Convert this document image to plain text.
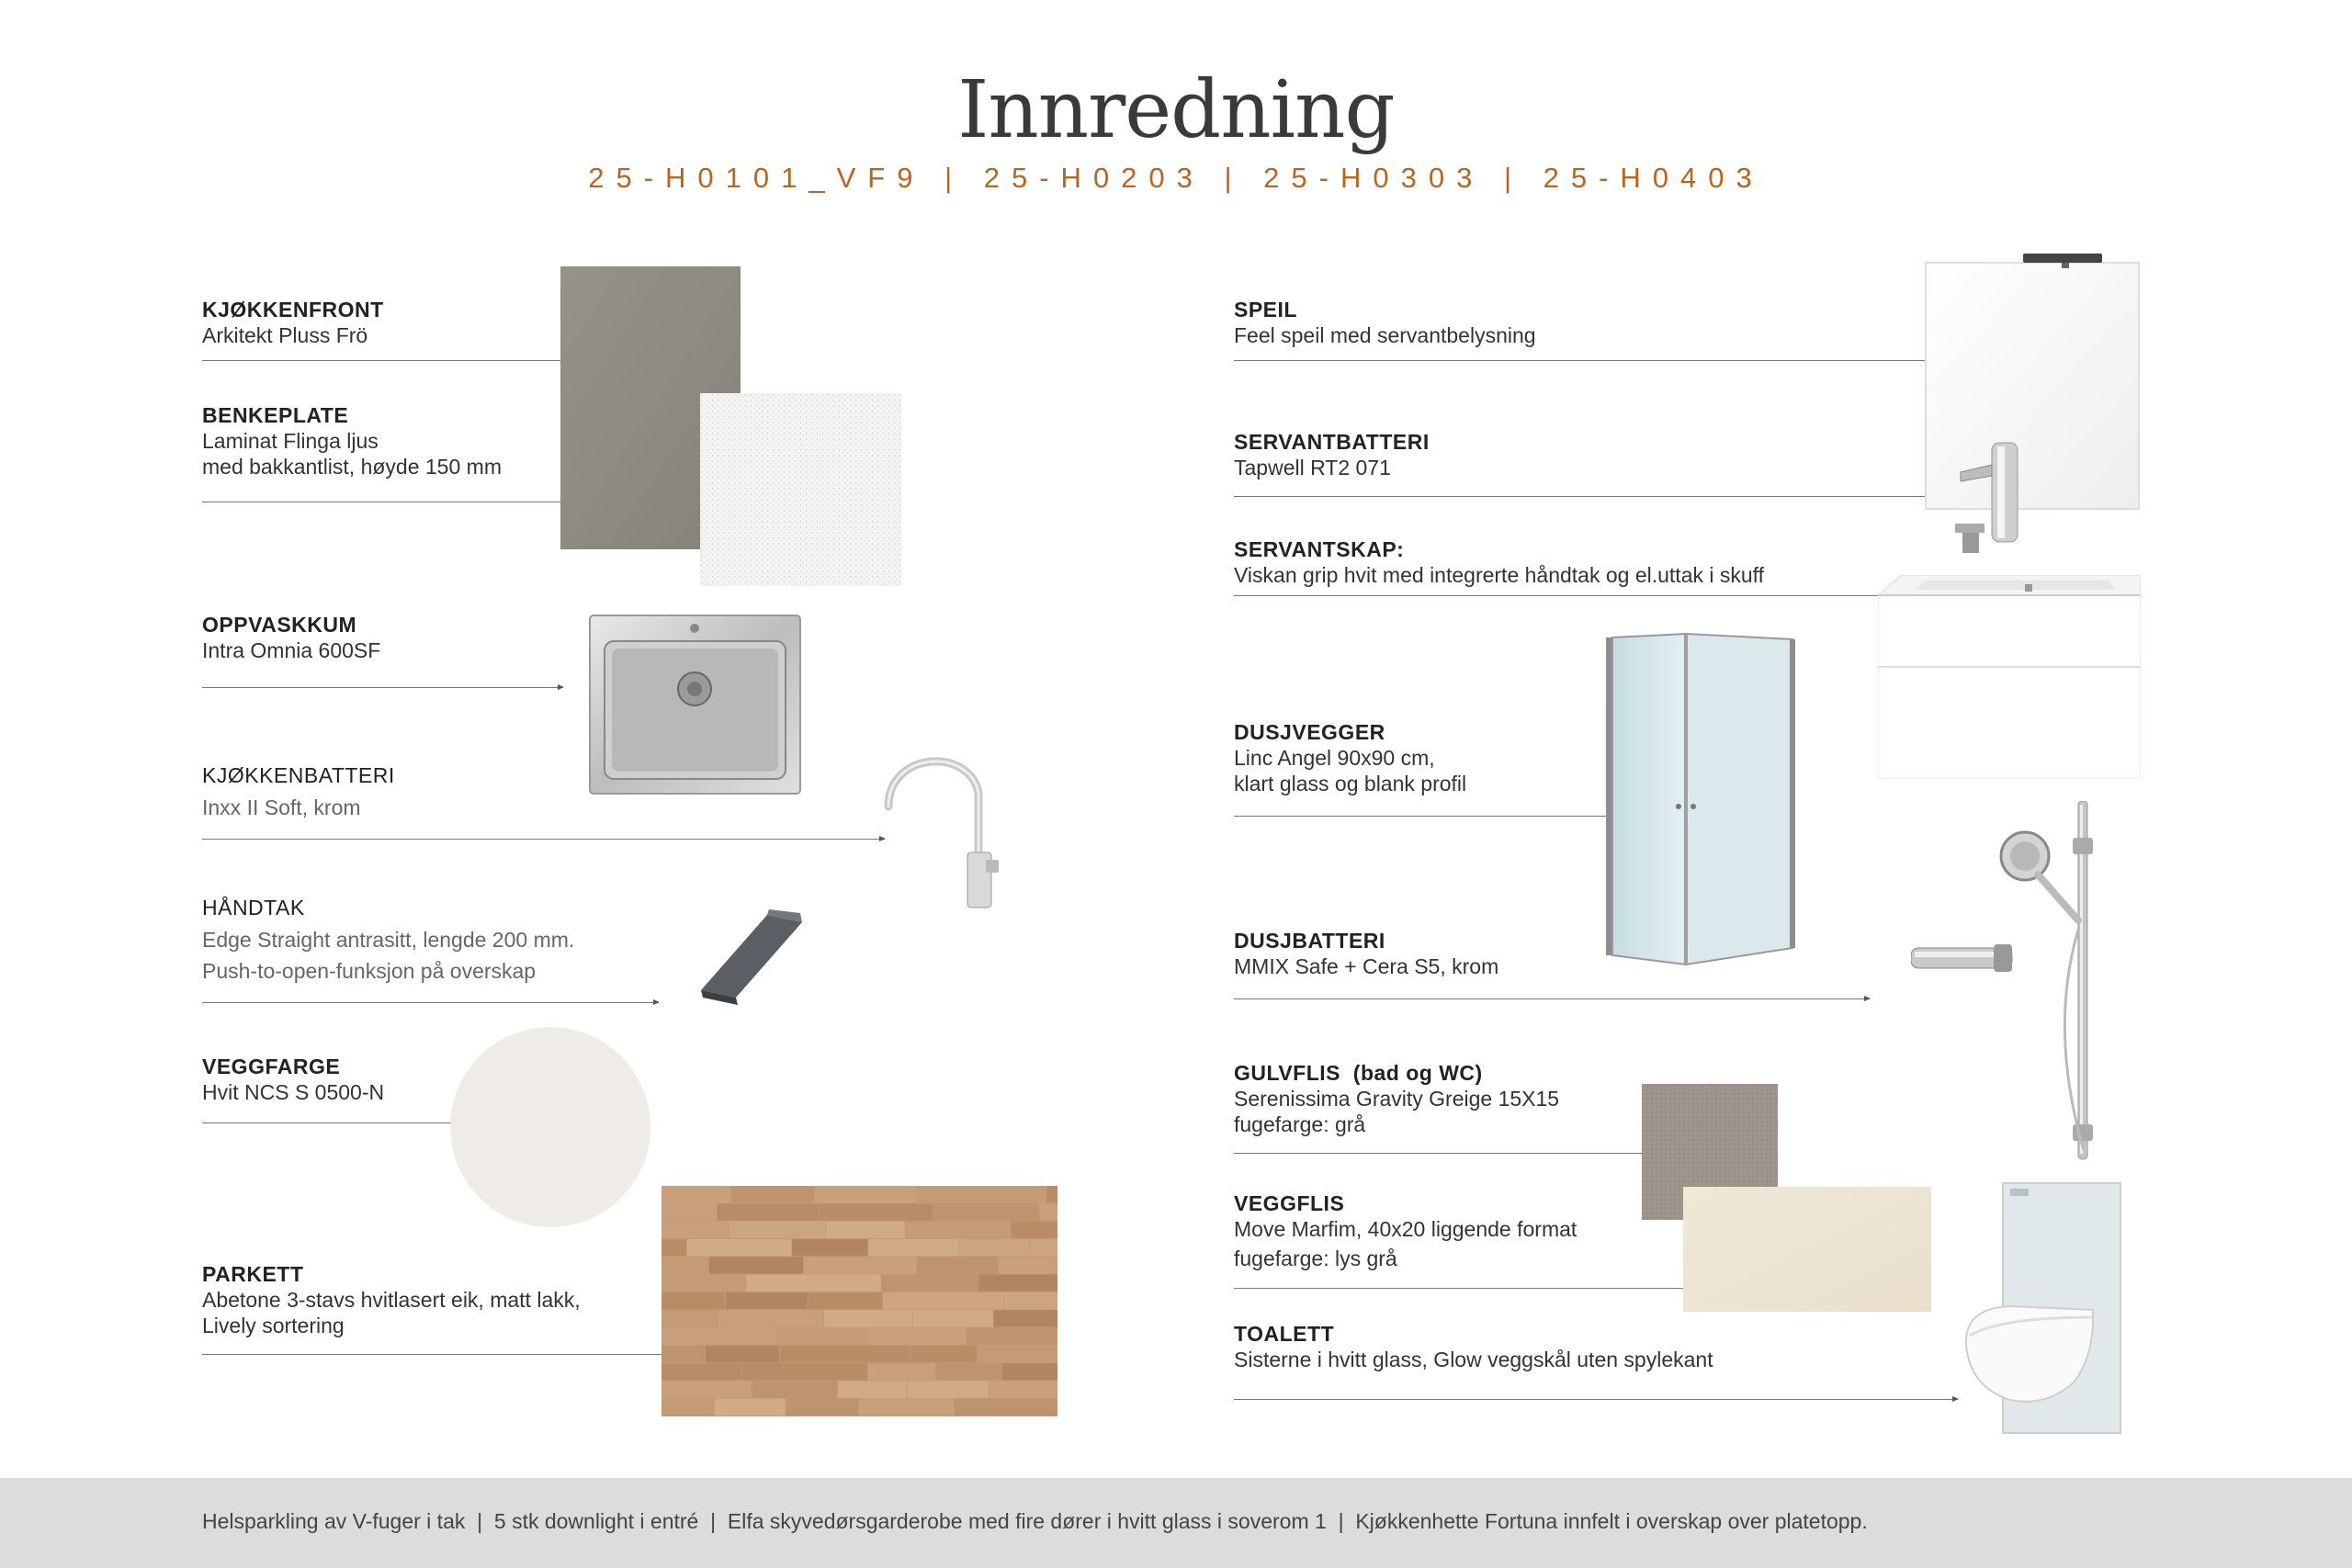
Innredning
25-H0101_VF9 | 25-H0203 | 25-H0303 | 25-H0403
KJØKKENFRONT
Arkitekt Pluss Frö
BENKEPLATE
Laminat Flinga ljus
med bakkantlist, høyde 150 mm
OPPVASKKUM
Intra Omnia 600SF
KJØKKENBATTERI
Inxx II Soft, krom
HÅNDTAK
Edge Straight antrasitt, lengde 200 mm.
Push-to-open-funksjon på overskap
VEGGFARGE
Hvit NCS S 0500-N
PARKETT
Abetone 3-stavs hvitlasert eik, matt lakk,
Lively sortering
SPEIL
Feel speil med servantbelysning
SERVANTBATTERI
Tapwell RT2 071
SERVANTSKAP:
Viskan grip hvit med integrerte håndtak og el.uttak i skuff
DUSJVEGGER
Linc Angel 90x90 cm,
klart glass og blank profil
DUSJBATTERI
MMIX Safe + Cera S5, krom
GULVFLIS  (bad og WC)
Serenissima Gravity Greige 15X15
fugefarge: grå
VEGGFLIS
Move Marfim, 40x20 liggende format
fugefarge: lys grå
TOALETT
Sisterne i hvitt glass, Glow veggskål uten spylekant
Helsparkling av V-fuger i tak  |  5 stk downlight i entré  |  Elfa skyvedørsgarderobe med fire dører i hvitt glass i soverom 1  |  Kjøkkenhette Fortuna innfelt i overskap over platetopp.
